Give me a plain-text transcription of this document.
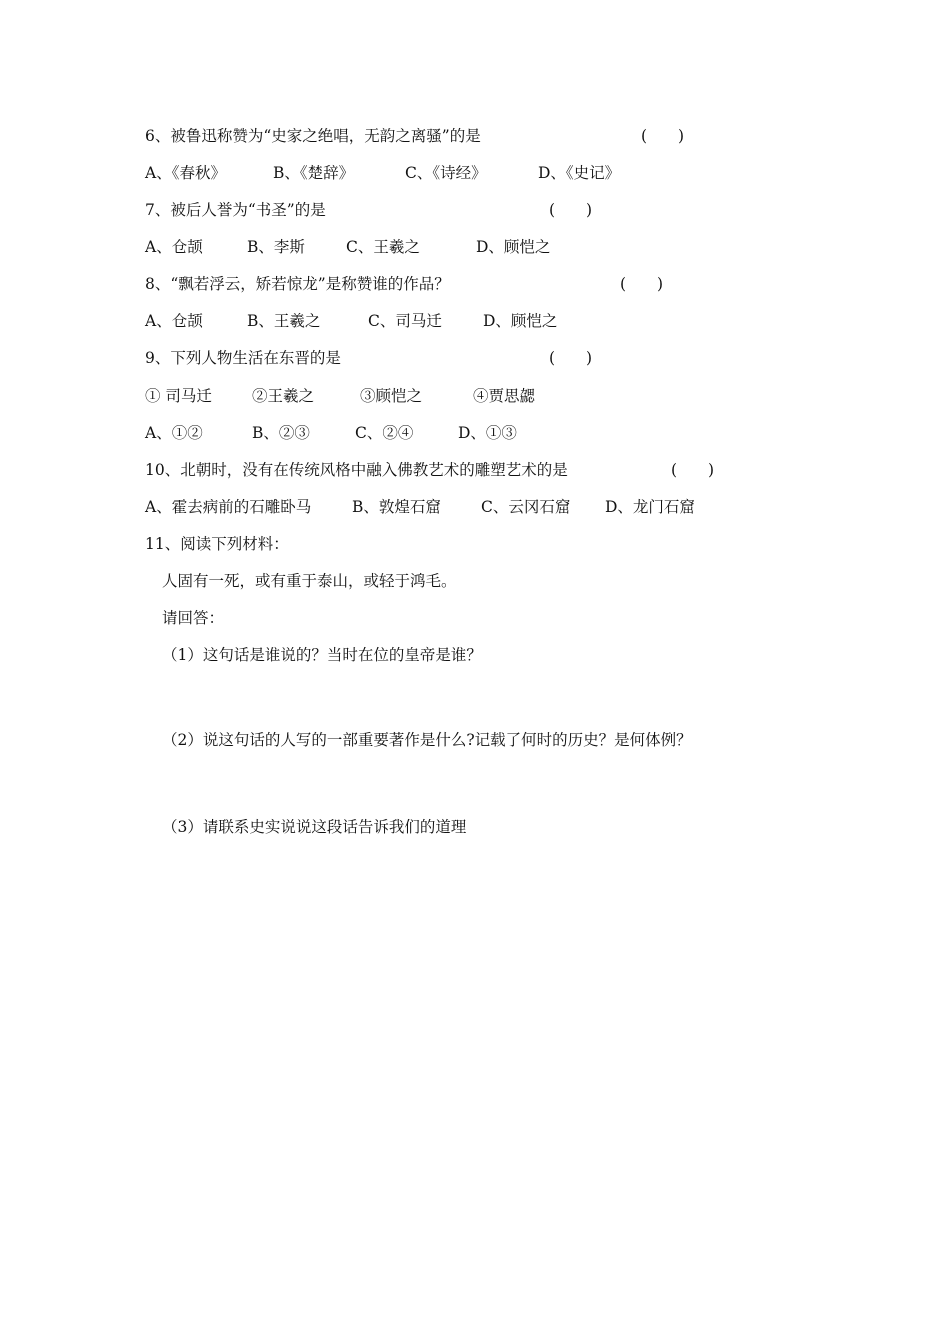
6、被鲁迅称赞为“史家之绝唱，无韵之离骚”的是	(　　)
A、《春秋》	B、《楚辞》	C、《诗经》	D、《史记》
7、被后人誉为“书圣”的是	(　　)
A、仓颉	B、李斯	C、王羲之	D、顾恺之
8、“飘若浮云，矫若惊龙”是称赞谁的作品？	(　　)
A、仓颉	B、王羲之	C、司马迁	D、顾恺之
9、下列人物生活在东晋的是	(　　)
① 司马迁	②王羲之	③顾恺之	④贾思勰
A、①②	B、②③	C、②④	D、①③
10、北朝时，没有在传统风格中融入佛教艺术的雕塑艺术的是	(　　)
A、霍去病前的石雕卧马	B、敦煌石窟	C、云冈石窟 D、龙门石窟
11、阅读下列材料：
人固有一死，或有重于泰山，或轻于鸿毛。
请回答：
（1）这句话是谁说的？当时在位的皇帝是谁？
（2）说这句话的人写的一部重要著作是什么?记载了何时的历史？是何体例？
（3）请联系史实说说这段话告诉我们的道理
